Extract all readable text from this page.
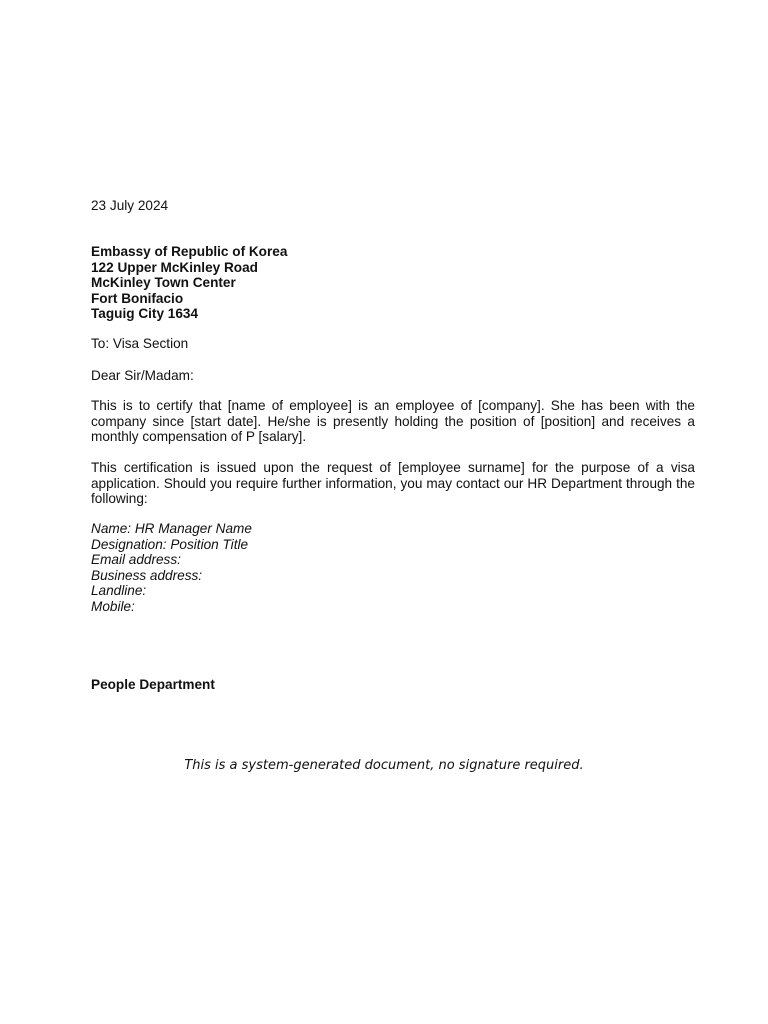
23 July 2024

Embassy of Republic of Korea
122 Upper McKinley Road
McKinley Town Center
Fort Bonifacio
Taguig City 1634

To: Visa Section

Dear Sir/Madam:

This is to certify that [name of employee] is an employee of [company]. She has been with the company since [start date]. He/she is presently holding the position of [position] and receives a monthly compensation of P [salary].

This certification is issued upon the request of [employee surname] for the purpose of a visa application. Should you require further information, you may contact our HR Department through the following:

Name: HR Manager Name
Designation: Position Title
Email address:
Business address:
Landline:
Mobile:

People Department

This is a system-generated document, no signature required.
